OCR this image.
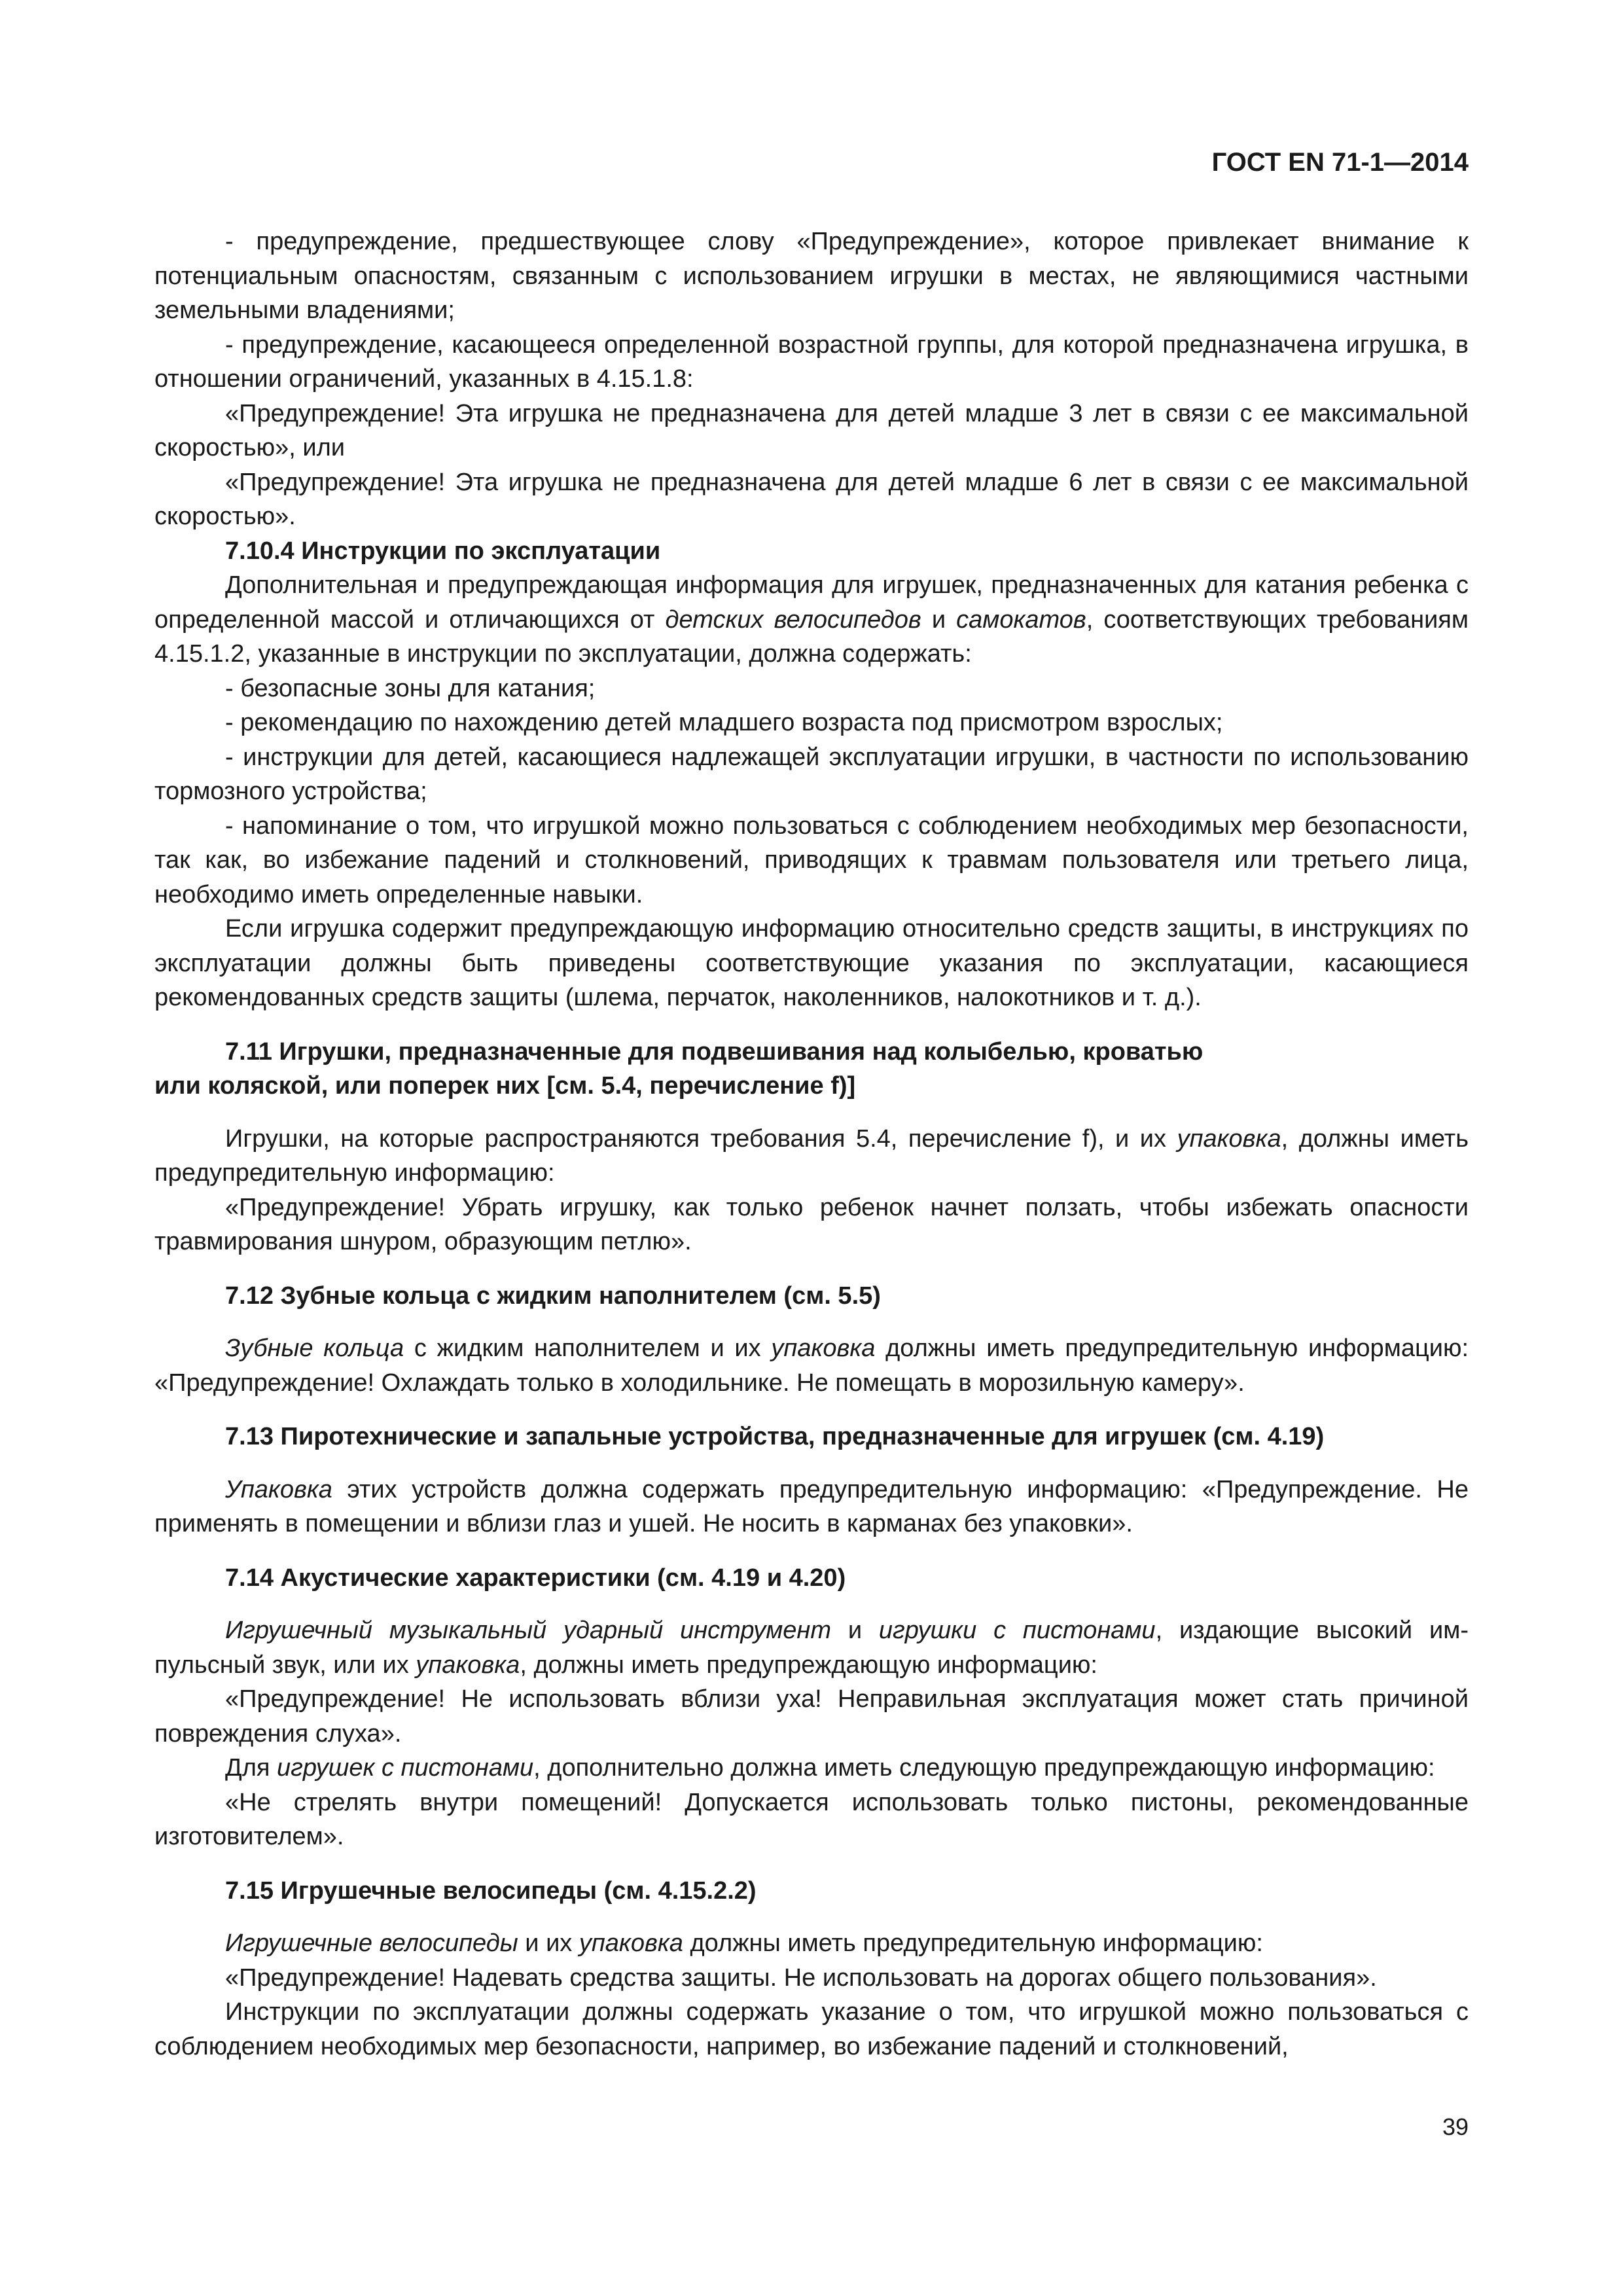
ГОСТ EN 71-1—2014

- предупреждение, предшествующее слову «Предупреждение», которое привлекает внимание к потенциальным опасностям, связанным с использованием игрушки в местах, не являющимися частными земельными владениями;

- предупреждение, касающееся определенной возрастной группы, для которой предназначена игрушка, в отношении ограничений, указанных в 4.15.1.8:

«Предупреждение! Эта игрушка не предназначена для детей младше 3 лет в связи с ее максимальной скоростью», или

«Предупреждение! Эта игрушка не предназначена для детей младше 6 лет в связи с ее максимальной скоростью».

7.10.4 Инструкции по эксплуатации

Дополнительная и предупреждающая информация для игрушек, предназначенных для катания ребенка с определенной массой и отличающихся от детских велосипедов и самокатов, соответствующих требованиям 4.15.1.2, указанные в инструкции по эксплуатации, должна содержать:

- безопасные зоны для катания;

- рекомендацию по нахождению детей младшего возраста под присмотром взрослых;

- инструкции для детей, касающиеся надлежащей эксплуатации игрушки, в частности по использованию тормозного устройства;

- напоминание о том, что игрушкой можно пользоваться с соблюдением необходимых мер безопасности, так как, во избежание падений и столкновений, приводящих к травмам пользователя или третьего лица, необходимо иметь определенные навыки.

Если игрушка содержит предупреждающую информацию относительно средств защиты, в инструкциях по эксплуатации должны быть приведены соответствующие указания по эксплуатации, касающиеся рекомендованных средств защиты (шлема, перчаток, наколенников, налокотников и т. д.).

7.11 Игрушки, предназначенные для подвешивания над колыбелью, кроватью
или коляской, или поперек них [см. 5.4, перечисление f)]

Игрушки, на которые распространяются требования 5.4, перечисление f), и их упаковка, должны иметь предупредительную информацию:

«Предупреждение! Убрать игрушку, как только ребенок начнет ползать, чтобы избежать опасности травмирования шнуром, образующим петлю».

7.12 Зубные кольца с жидким наполнителем (см. 5.5)

Зубные кольца с жидким наполнителем и их упаковка должны иметь предупредительную информацию: «Предупреждение! Охлаждать только в холодильнике. Не помещать в морозильную камеру».

7.13 Пиротехнические и запальные устройства, предназначенные для игрушек (см. 4.19)

Упаковка этих устройств должна содержать предупредительную информацию: «Предупреждение. Не применять в помещении и вблизи глаз и ушей. Не носить в карманах без упаковки».

7.14 Акустические характеристики (см. 4.19 и 4.20)

Игрушечный музыкальный ударный инструмент и игрушки с пистонами, издающие высокий импульсный звук, или их упаковка, должны иметь предупреждающую информацию:

«Предупреждение! Не использовать вблизи уха! Неправильная эксплуатация может стать причиной повреждения слуха».

Для игрушек с пистонами, дополнительно должна иметь следующую предупреждающую информацию:

«Не стрелять внутри помещений! Допускается использовать только пистоны, рекомендованные изготовителем».

7.15 Игрушечные велосипеды (см. 4.15.2.2)

Игрушечные велосипеды и их упаковка должны иметь предупредительную информацию:

«Предупреждение! Надевать средства защиты. Не использовать на дорогах общего пользования».

Инструкции по эксплуатации должны содержать указание о том, что игрушкой можно пользоваться с соблюдением необходимых мер безопасности, например, во избежание падений и столкновений,

39
